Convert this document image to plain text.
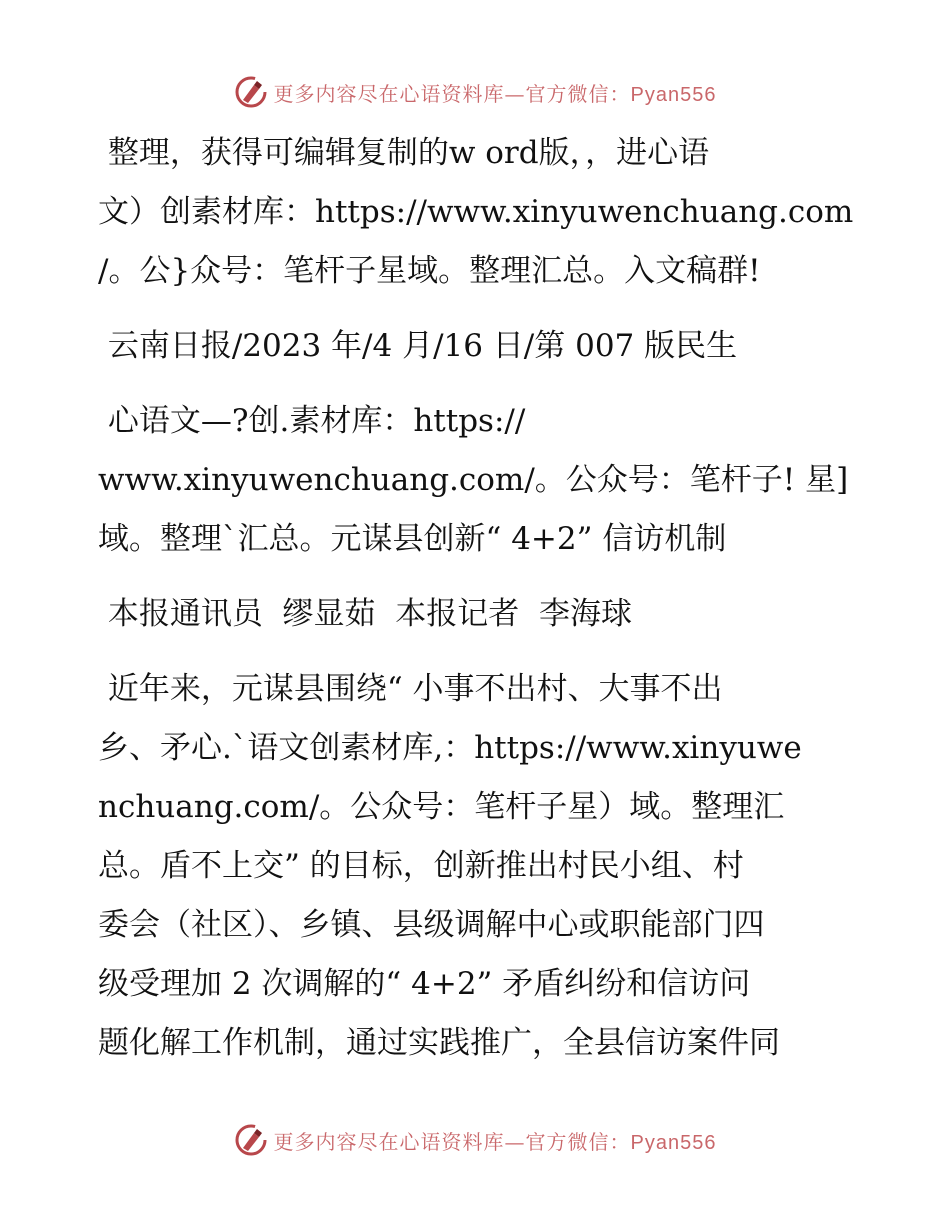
更多内容尽在心语资料库—官方微信：Pyan556
整理，获得可编辑复制的w ord版，，进心语
文）创素材库：https://www.xinyuwenchuang.com
/。公}众号：笔杆子星域。整理汇总。入文稿群!
云南日报/2023 年/4 月/16 日/第 007 版民生
心语文—?创.素材库：https://
www.xinyuwenchuang.com/。公众号：笔杆子! 星]
域。整理`汇总。元谋县创新“ 4+2” 信访机制
本报通讯员  缪显茹  本报记者  李海球
近年来，元谋县围绕“ 小事不出村、大事不出
乡、矛心.`语文创素材库,：https://www.xinyuwe
nchuang.com/。公众号：笔杆子星）域。整理汇
总。盾不上交” 的目标，创新推出村民小组、村
委会（社区）、乡镇、县级调解中心或职能部门四
级受理加 2 次调解的“ 4+2” 矛盾纠纷和信访问
题化解工作机制，通过实践推广，全县信访案件同
更多内容尽在心语资料库—官方微信：Pyan556
